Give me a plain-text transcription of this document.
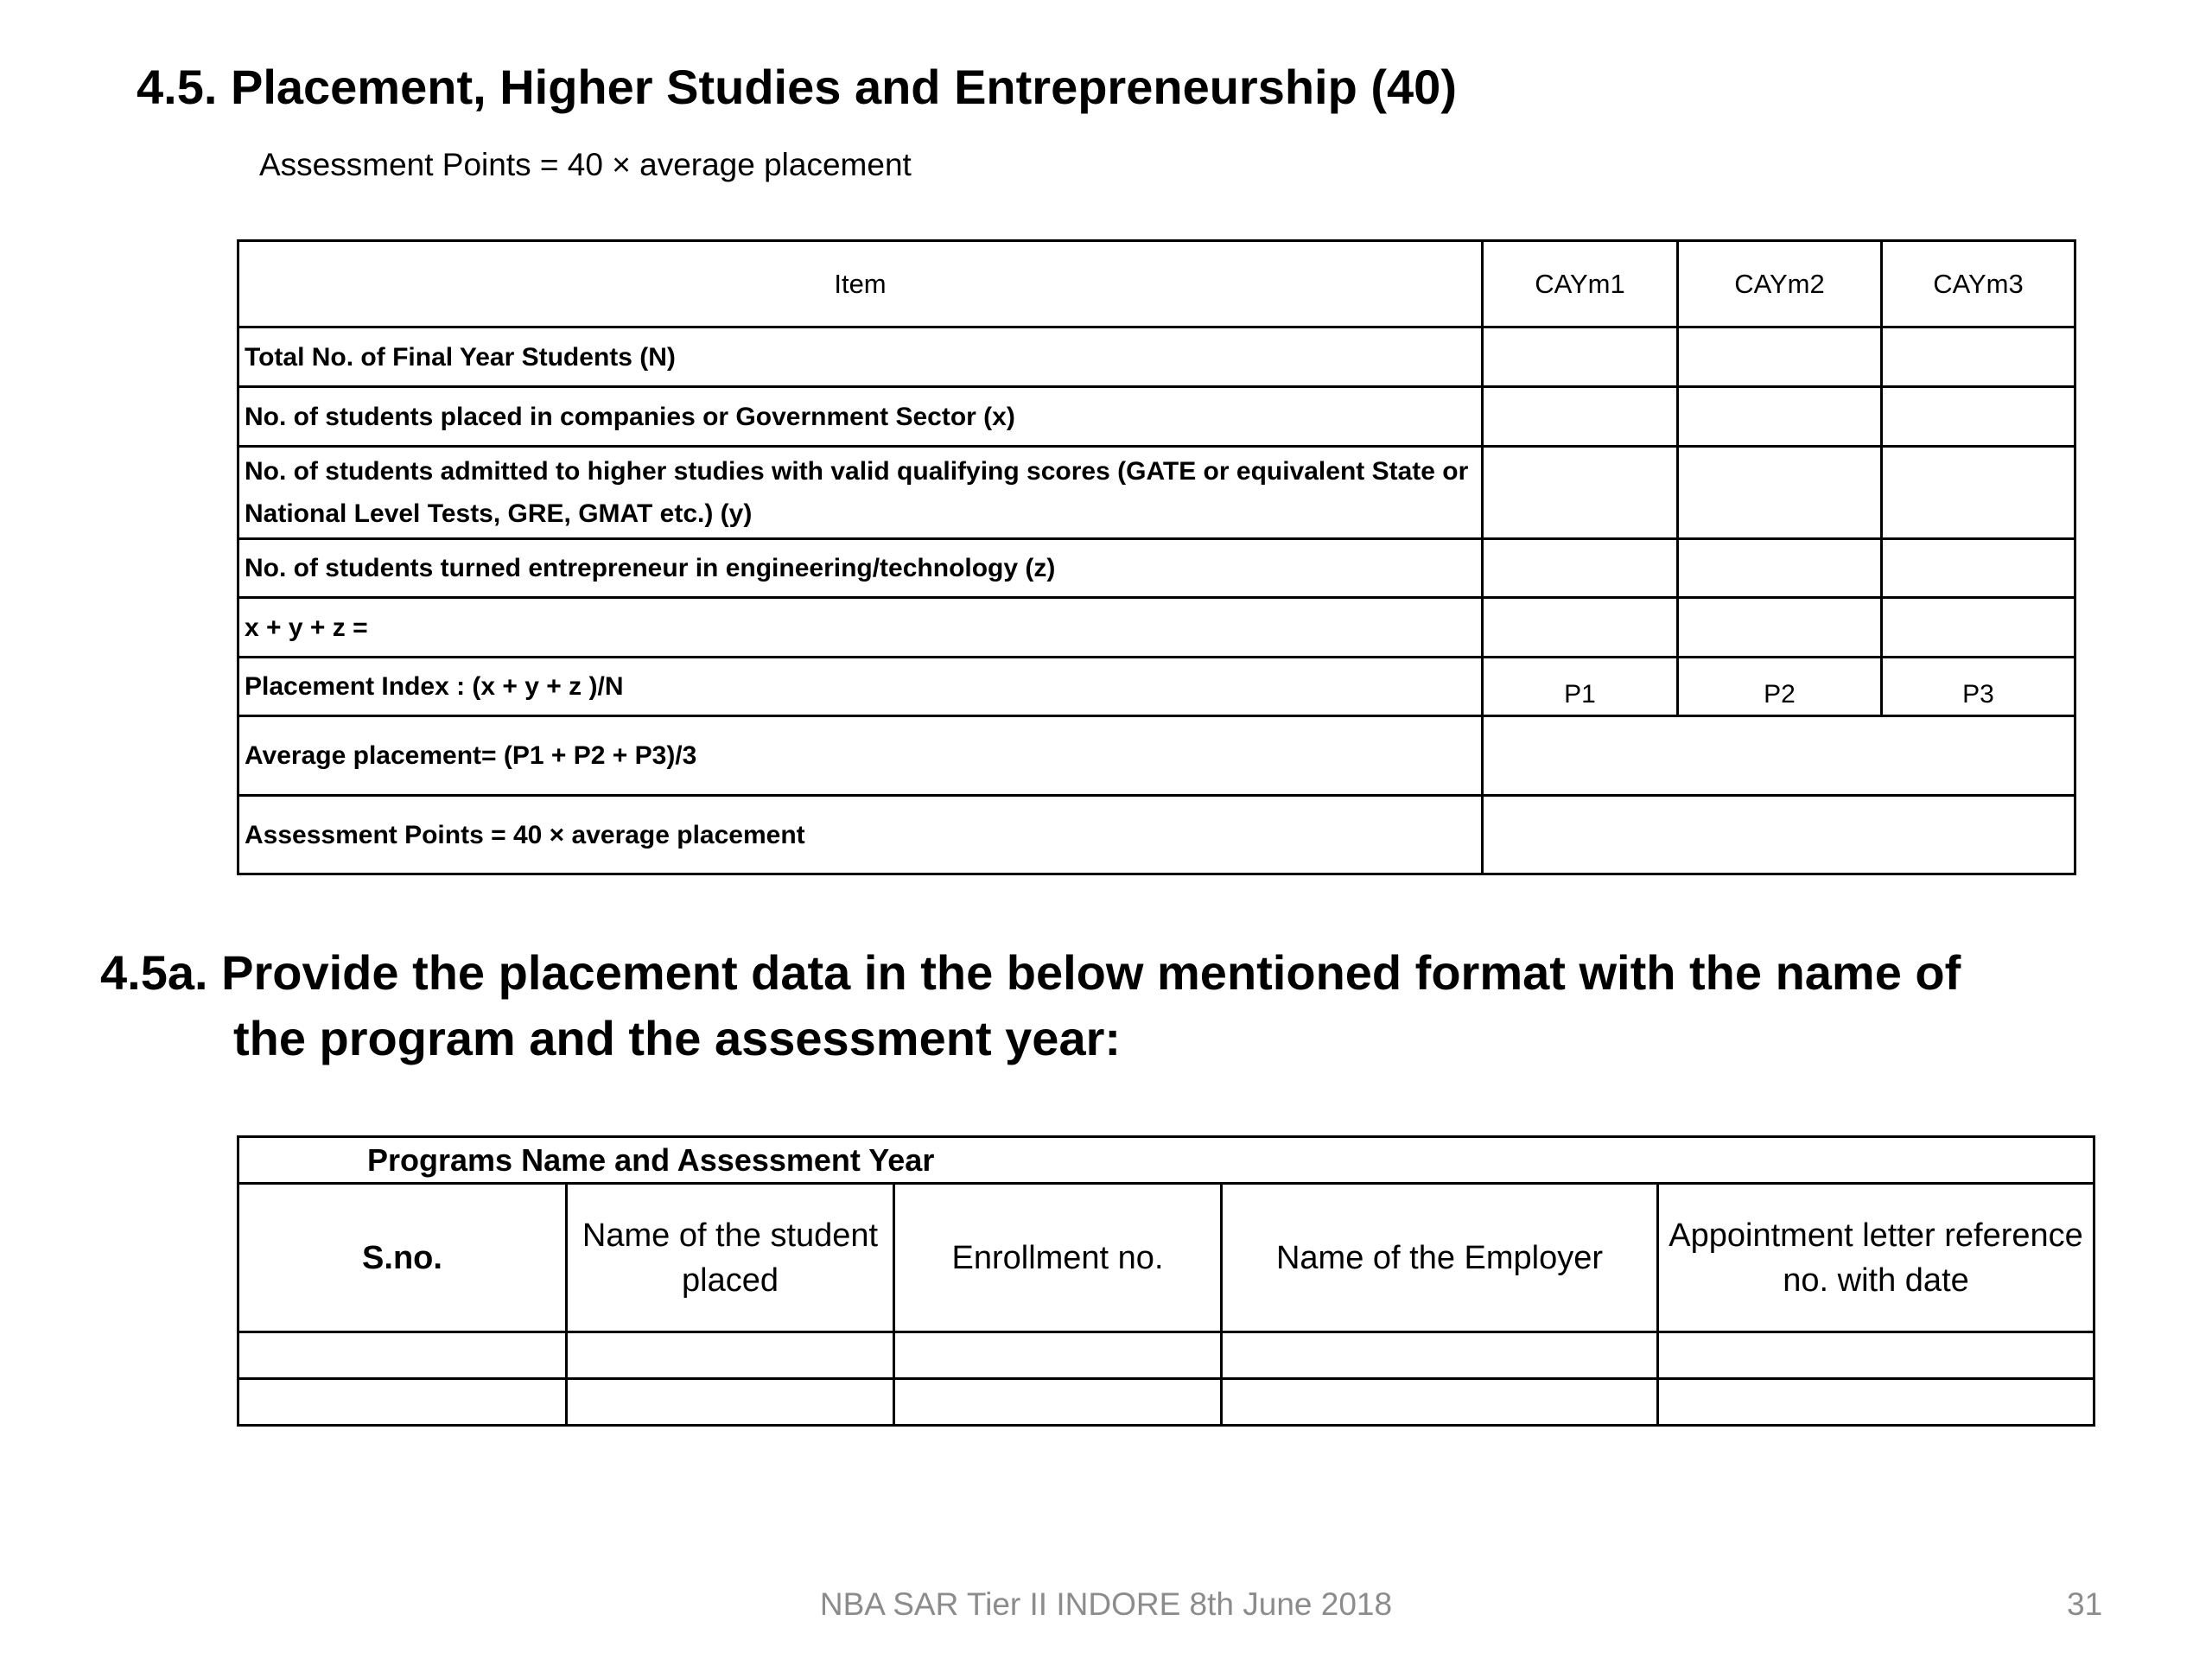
4.5. Placement, Higher Studies and Entrepreneurship (40)
Assessment Points = 40 × average placement
Item	CAYm1	CAYm2	CAYm3
Total No. of Final Year Students (N)			
No. of students placed in companies or Government Sector (x)			
No. of students admitted to higher studies with valid qualifying scores (GATE or equivalent State or National Level Tests, GRE, GMAT etc.) (y)			
No. of students turned entrepreneur in engineering/technology (z)			
x + y + z =			
Placement Index : (x + y + z )/N	P1	P2	P3
Average placement= (P1 + P2 + P3)/3			
Assessment Points = 40 × average placement			
4.5a. Provide the placement data in the below mentioned format with the name of
the program and the assessment year:
Programs Name and Assessment Year				
S.no.	Name of the student placed	Enrollment no.	Name of the Employer	Appointment letter reference no. with date

NBA SAR Tier II INDORE 8th June 2018	31
